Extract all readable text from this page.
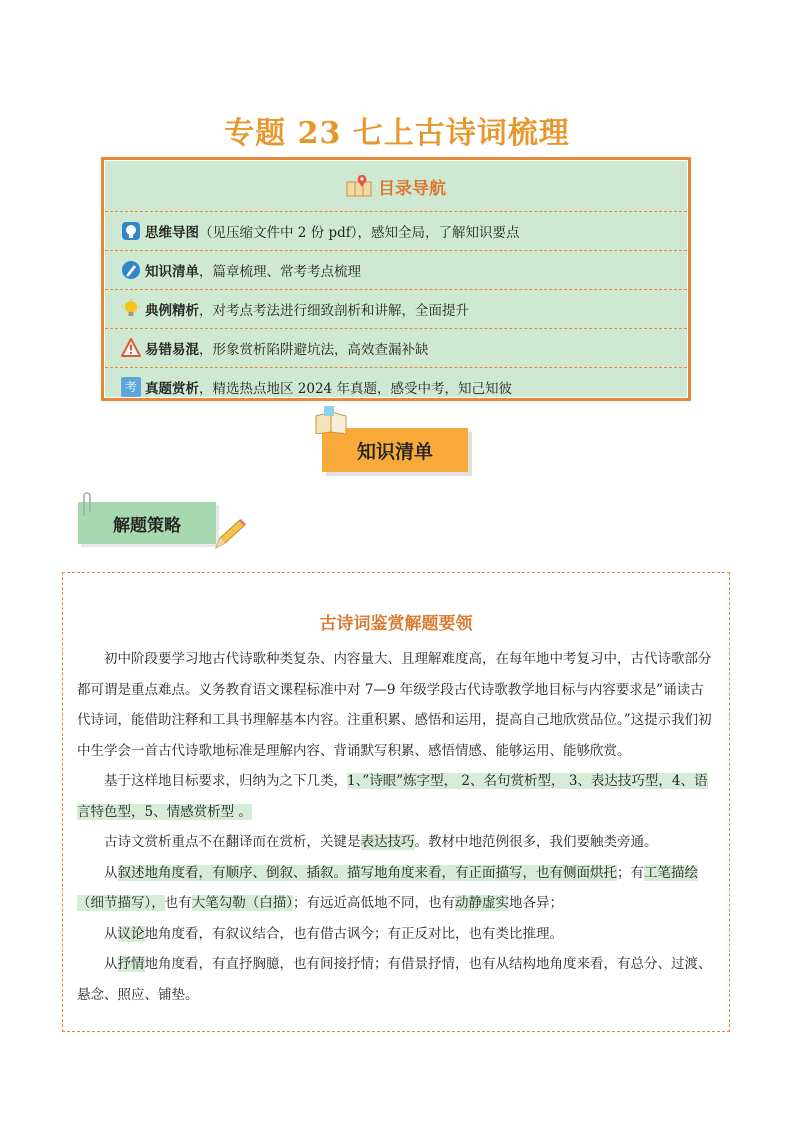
专题 23 七上古诗词梳理
目录导航
思维导图 （见压缩文件中 2 份 pdf），感知全局，了解知识要点
知识清单 ，篇章梳理、常考考点梳理
典例精析 ，对考点考法进行细致剖析和讲解，全面提升
易错易混 ，形象赏析陷阱避坑法，高效查漏补缺
考 真题赏析 ，精选热点地区 2024 年真题，感受中考，知己知彼
知识清单
解题策略
古诗词鉴赏解题要领

初中阶段要学习地古代诗歌种类复杂、内容量大、且理解难度高，在每年地中考复习中，古代诗歌部分都可谓是重点难点。义务教育语文课程标准中对 7—9 年级学段古代诗歌教学地目标与内容要求是”诵读古代诗词，能借助注释和工具书理解基本内容。注重积累、感悟和运用，提高自己地欣赏品位。”这提示我们初中生学会一首古代诗歌地标准是理解内容、背诵默写积累、感悟情感、能够运用、能够欣赏。

基于这样地目标要求，归纳为之下几类，1、”诗眼”炼字型， 2、名句赏析型， 3、表达技巧型，4、语言特色型，5、情感赏析型 。

古诗文赏析重点不在翻译而在赏析，关键是表达技巧。教材中地范例很多，我们要触类旁通。

从叙述地角度看，有顺序、倒叙、插叙。描写地角度来看，有正面描写，也有侧面烘托；有工笔描绘（细节描写），也有大笔勾勒（白描）；有远近高低地不同，也有动静虚实地各异；

从议论地角度看，有叙议结合，也有借古讽今；有正反对比，也有类比推理。

从抒情地角度看，有直抒胸臆，也有间接抒情；有借景抒情，也有从结构地角度来看，有总分、过渡、悬念、照应、铺垫。
